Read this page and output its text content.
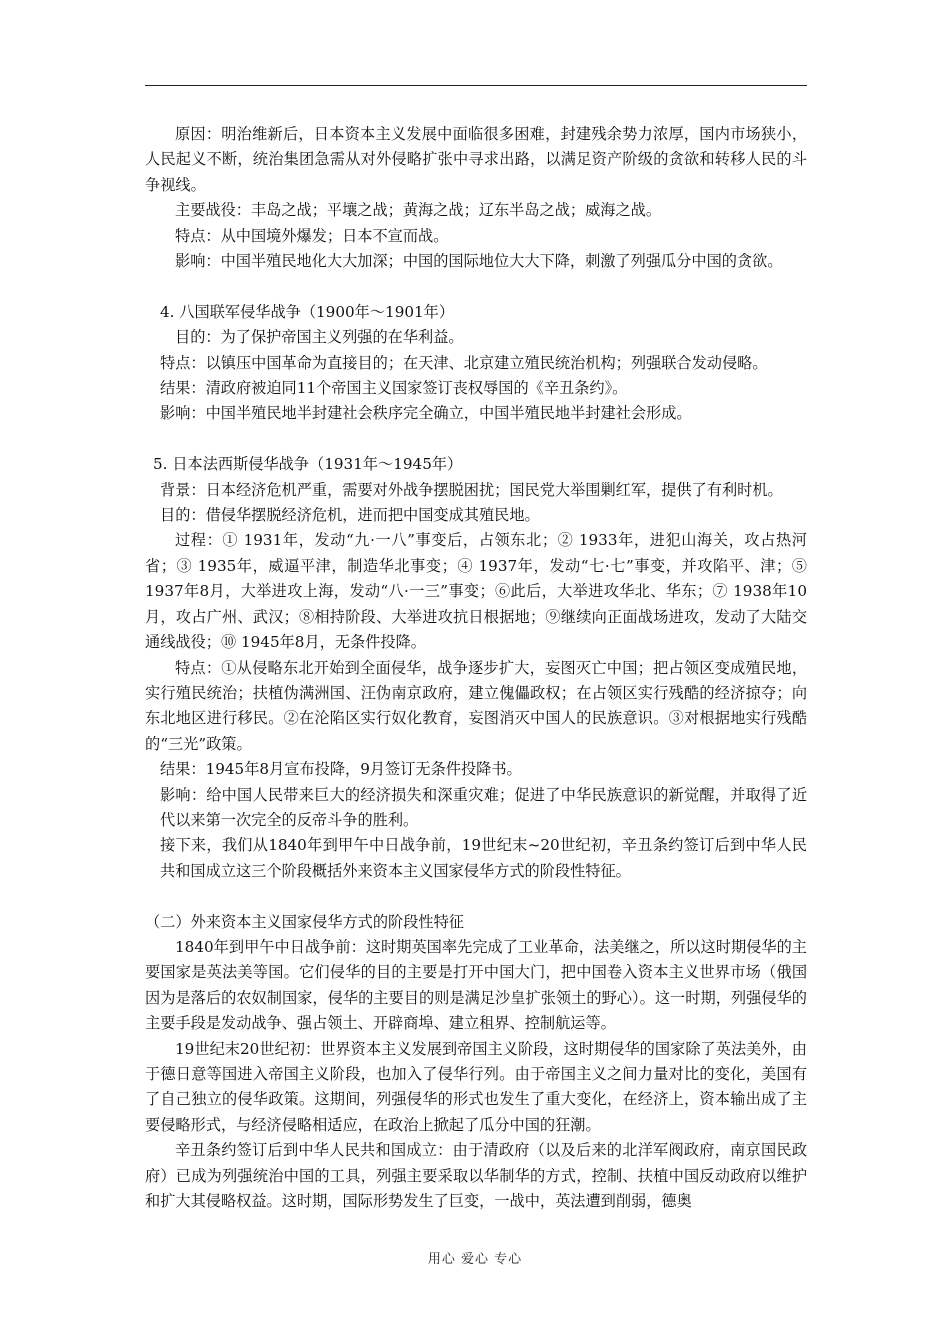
原因：明治维新后，日本资本主义发展中面临很多困难，封建残余势力浓厚，国内市场狭小，人民起义不断，统治集团急需从对外侵略扩张中寻求出路，以满足资产阶级的贪欲和转移人民的斗争视线。

主要战役：丰岛之战；平壤之战；黄海之战；辽东半岛之战；威海之战。

特点：从中国境外爆发；日本不宣而战。

影响：中国半殖民地化大大加深；中国的国际地位大大下降，刺激了列强瓜分中国的贪欲。

4. 八国联军侵华战争（1900年～1901年）

目的：为了保护帝国主义列强的在华利益。

特点：以镇压中国革命为直接目的；在天津、北京建立殖民统治机构；列强联合发动侵略。

结果：清政府被迫同11个帝国主义国家签订丧权辱国的《辛丑条约》。

影响：中国半殖民地半封建社会秩序完全确立，中国半殖民地半封建社会形成。

5. 日本法西斯侵华战争（1931年～1945年）

背景：日本经济危机严重，需要对外战争摆脱困扰；国民党大举围剿红军，提供了有利时机。

目的：借侵华摆脱经济危机，进而把中国变成其殖民地。

过程：① 1931年，发动“九·一八”事变后，占领东北；② 1933年，进犯山海关，攻占热河省；③ 1935年，威逼平津，制造华北事变；④ 1937年，发动“七·七”事变，并攻陷平、津；⑤ 1937年8月，大举进攻上海，发动“八·一三”事变；⑥此后，大举进攻华北、华东；⑦ 1938年10月，攻占广州、武汉；⑧相持阶段、大举进攻抗日根据地；⑨继续向正面战场进攻，发动了大陆交通线战役；⑩ 1945年8月，无条件投降。

特点：①从侵略东北开始到全面侵华，战争逐步扩大，妄图灭亡中国；把占领区变成殖民地，实行殖民统治；扶植伪满洲国、汪伪南京政府，建立傀儡政权；在占领区实行残酷的经济掠夺；向东北地区进行移民。②在沦陷区实行奴化教育，妄图消灭中国人的民族意识。③对根据地实行残酷的“三光”政策。

结果：1945年8月宣布投降，9月签订无条件投降书。

影响：给中国人民带来巨大的经济损失和深重灾难；促进了中华民族意识的新觉醒，并取得了近代以来第一次完全的反帝斗争的胜利。

接下来，我们从1840年到甲午中日战争前，19世纪末~20世纪初，辛丑条约签订后到中华人民共和国成立这三个阶段概括外来资本主义国家侵华方式的阶段性特征。

（二）外来资本主义国家侵华方式的阶段性特征

1840年到甲午中日战争前：这时期英国率先完成了工业革命，法美继之，所以这时期侵华的主要国家是英法美等国。它们侵华的目的主要是打开中国大门，把中国卷入资本主义世界市场（俄国因为是落后的农奴制国家，侵华的主要目的则是满足沙皇扩张领土的野心）。这一时期，列强侵华的主要手段是发动战争、强占领土、开辟商埠、建立租界、控制航运等。

19世纪末20世纪初：世界资本主义发展到帝国主义阶段，这时期侵华的国家除了英法美外，由于德日意等国进入帝国主义阶段，也加入了侵华行列。由于帝国主义之间力量对比的变化，美国有了自己独立的侵华政策。这期间，列强侵华的形式也发生了重大变化，在经济上，资本输出成了主要侵略形式，与经济侵略相适应，在政治上掀起了瓜分中国的狂潮。

辛丑条约签订后到中华人民共和国成立：由于清政府（以及后来的北洋军阀政府，南京国民政府）已成为列强统治中国的工具，列强主要采取以华制华的方式，控制、扶植中国反动政府以维护和扩大其侵略权益。这时期，国际形势发生了巨变，一战中，英法遭到削弱，德奥

用心 爱心 专心
